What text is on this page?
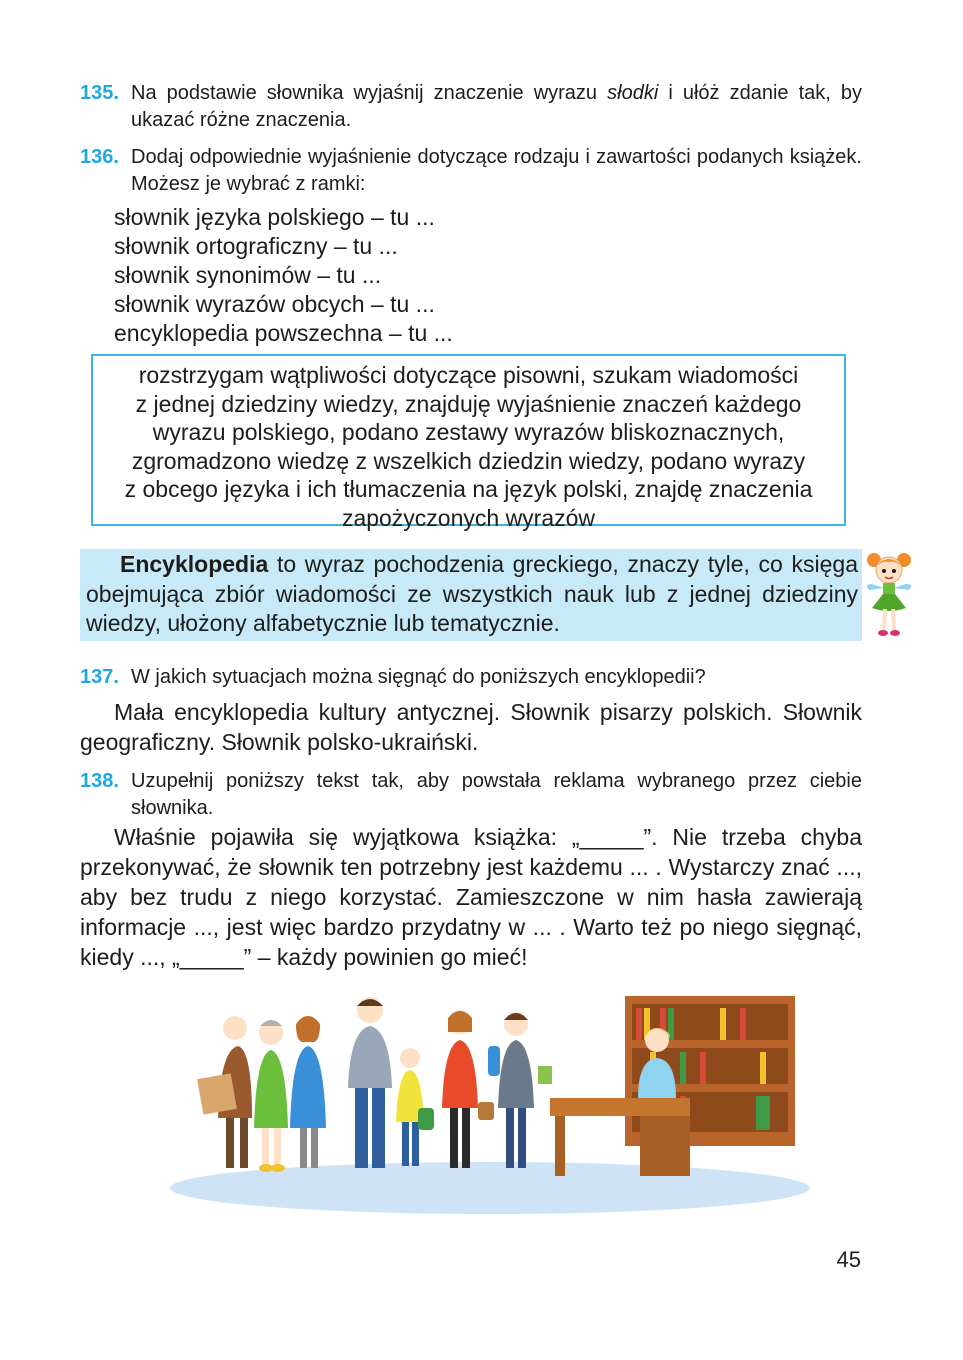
135. Na podstawie słownika wyjaśnij znaczenie wyrazu słodki i ułóż zdanie tak, by ukazać różne znaczenia.
136. Dodaj odpowiednie wyjaśnienie dotyczące rodzaju i zawartości podanych książek. Możesz je wybrać z ramki:
słownik języka polskiego – tu ...
słownik ortograficzny – tu ...
słownik synonimów – tu ...
słownik wyrazów obcych – tu ...
encyklopedia powszechna – tu ...
rozstrzygam wątpliwości dotyczące pisowni, szukam wiadomości
z jednej dziedziny wiedzy, znajduję wyjaśnienie znaczeń każdego
wyrazu polskiego, podano zestawy wyrazów bliskoznacznych,
zgromadzono wiedzę z wszelkich dziedzin wiedzy, podano wyrazy
z obcego języka i ich tłumaczenia na język polski, znajdę znaczenia
zapożyczonych wyrazów
Encyklopedia to wyraz pochodzenia greckiego, znaczy tyle, co księga obejmująca zbiór wiadomości ze wszystkich nauk lub z jednej dziedziny wiedzy, ułożony alfabetycznie lub tematycznie.
137. W jakich sytuacjach można sięgnąć do poniższych encyklopedii?
Mała encyklopedia kultury antycznej. Słownik pisarzy polskich. Słownik geograficzny. Słownik polsko-ukraiński.
138. Uzupełnij poniższy tekst tak, aby powstała reklama wybranego przez ciebie słownika.
Właśnie pojawiła się wyjątkowa książka: „_____”. Nie trzeba chyba przekonywać, że słownik ten potrzebny jest każdemu ... . Wystarczy znać ..., aby bez trudu z niego korzystać. Zamieszczone w nim hasła zawierają informacje ..., jest więc bardzo przydatny w ... . Warto też po niego sięgnąć, kiedy ..., „_____” – każdy powinien go mieć!
45
